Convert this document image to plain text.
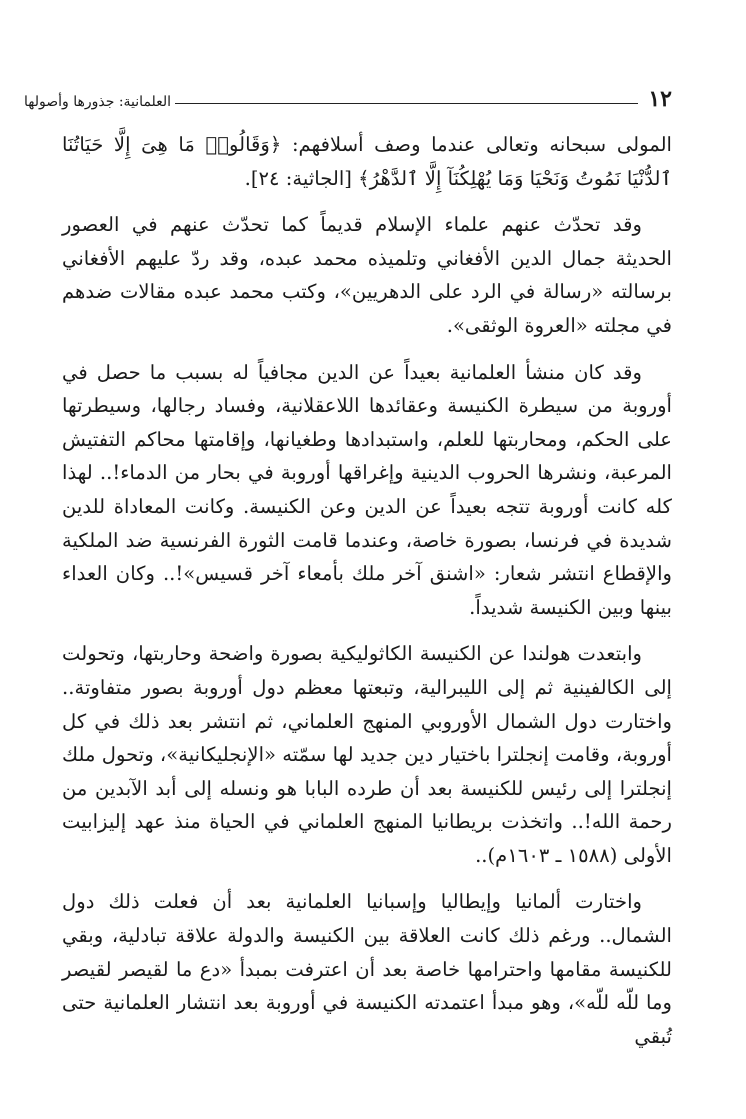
١٢
العلمانية: جذورها وأصولها

المولى سبحانه وتعالى عندما وصف أسلافهم: ﴿وَقَالُوا۟ مَا هِىَ إِلَّا حَيَاتُنَا ٱلدُّنْيَا نَمُوتُ وَنَحْيَا وَمَا يُهْلِكُنَآ إِلَّا ٱلدَّهْرُ﴾ [الجاثية: ٢٤].

وقد تحدّث عنهم علماء الإسلام قديماً كما تحدّث عنهم في العصور الحديثة جمال الدين الأفغاني وتلميذه محمد عبده، وقد ردّ عليهم الأفغاني برسالته «رسالة في الرد على الدهريين»، وكتب محمد عبده مقالات ضدهم في مجلته «العروة الوثقى».

وقد كان منشأ العلمانية بعيداً عن الدين مجافياً له بسبب ما حصل في أوروبة من سيطرة الكنيسة وعقائدها اللاعقلانية، وفساد رجالها، وسيطرتها على الحكم، ومحاربتها للعلم، واستبدادها وطغيانها، وإقامتها محاكم التفتيش المرعبة، ونشرها الحروب الدينية وإغراقها أوروبة في بحار من الدماء!.. لهذا كله كانت أوروبة تتجه بعيداً عن الدين وعن الكنيسة. وكانت المعاداة للدين شديدة في فرنسا، بصورة خاصة، وعندما قامت الثورة الفرنسية ضد الملكية والإقطاع انتشر شعار: «اشنق آخر ملك بأمعاء آخر قسيس»!.. وكان العداء بينها وبين الكنيسة شديداً.

وابتعدت هولندا عن الكنيسة الكاثوليكية بصورة واضحة وحاربتها، وتحولت إلى الكالفينية ثم إلى الليبرالية، وتبعتها معظم دول أوروبة بصور متفاوتة.. واختارت دول الشمال الأوروبي المنهج العلماني، ثم انتشر بعد ذلك في كل أوروبة، وقامت إنجلترا باختيار دين جديد لها سمّته «الإنجليكانية»، وتحول ملك إنجلترا إلى رئيس للكنيسة بعد أن طرده البابا هو ونسله إلى أبد الآبدين من رحمة الله!.. واتخذت بريطانيا المنهج العلماني في الحياة منذ عهد إليزابيت الأولى (١٥٨٨ ـ ١٦٠٣م)..

واختارت ألمانيا وإيطاليا وإسبانيا العلمانية بعد أن فعلت ذلك دول الشمال.. ورغم ذلك كانت العلاقة بين الكنيسة والدولة علاقة تبادلية، وبقي للكنيسة مقامها واحترامها خاصة بعد أن اعترفت بمبدأ «دع ما لقيصر لقيصر وما للّه للّه»، وهو مبدأ اعتمدته الكنيسة في أوروبة بعد انتشار العلمانية حتى تُبقي
